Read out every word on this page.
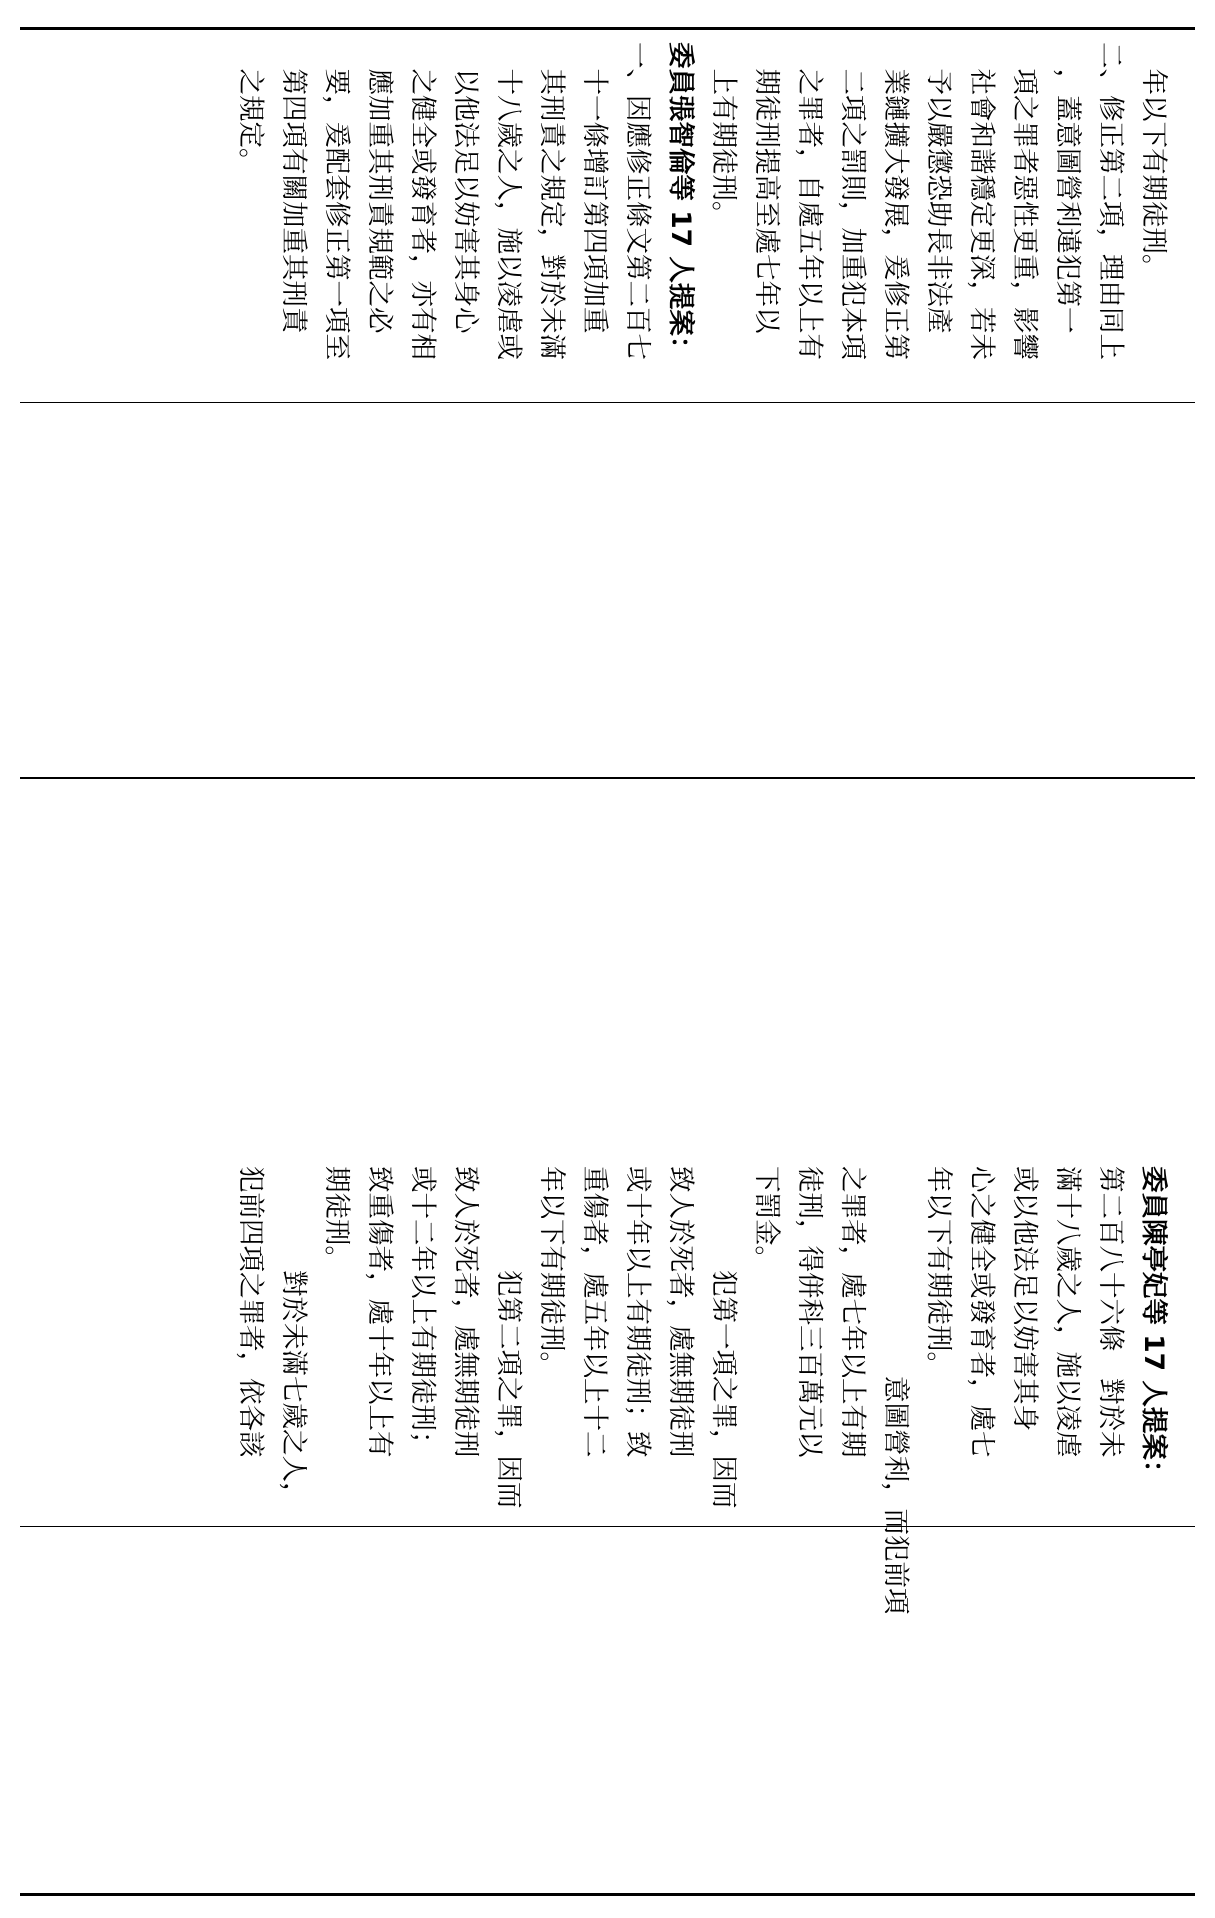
　年以下有期徒刑。
二、修正第二項，理由同上
　，蓋意圖營利違犯第一
　項之罪者惡性更重，影響
　社會和諧穩定更深，若未
　予以嚴懲恐助長非法產
　業鏈擴大發展，爰修正第
　二項之罰則，加重犯本項
　之罪者，自處五年以上有
　期徒刑提高至處七年以
　上有期徒刑。
委員張智倫等 17 人提案：
一、因應修正條文第二百七
　十一條增訂第四項加重
　其刑責之規定，對於未滿
　十八歲之人，施以凌虐或
　以他法足以妨害其身心
　之健全或發育者，亦有相
　應加重其刑責規範之必
　要，爰配套修正第一項至
　第四項有關加重其刑責
　之規定。
委員陳亭妃等 17 人提案：
第二百八十六條　對於未
滿十八歲之人，施以凌虐
或以他法足以妨害其身
心之健全或發育者，處七
年以下有期徒刑。
意圖營利，而犯前項
之罪者，處七年以上有期
徒刑，得併科三百萬元以
下罰金。
犯第一項之罪，因而
致人於死者，處無期徒刑
或十年以上有期徒刑；致
重傷者，處五年以上十二
年以下有期徒刑。
犯第二項之罪，因而
致人於死者，處無期徒刑
或十二年以上有期徒刑；
致重傷者，處十年以上有
期徒刑。
對於未滿七歲之人，
犯前四項之罪者，依各該
